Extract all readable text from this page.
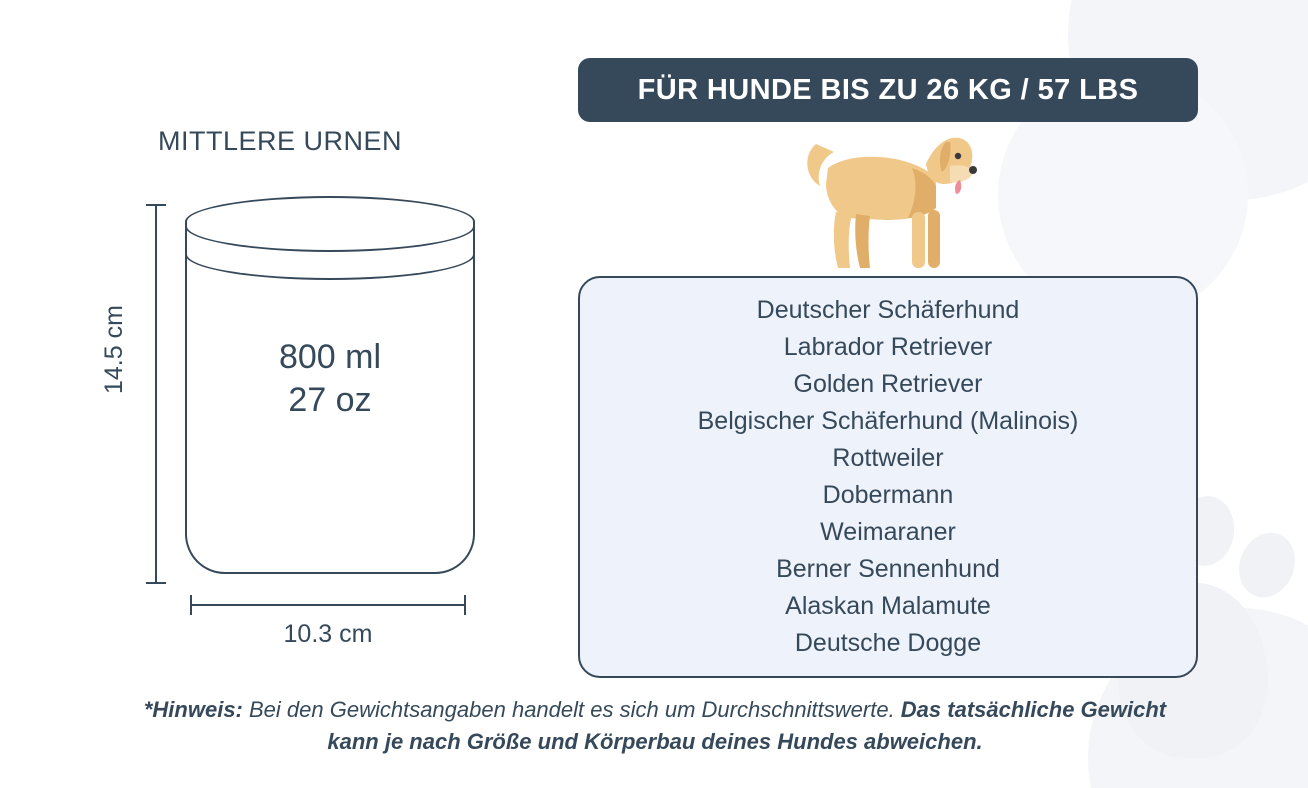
MITTLERE URNEN
14.5 cm	800 ml
27 oz
10.3 cm
FÜR HUNDE BIS ZU 26 KG / 57 LBS
Deutscher Schäferhund
Labrador Retriever
Golden Retriever
Belgischer Schäferhund (Malinois)
Rottweiler
Dobermann
Weimaraner
Berner Sennenhund
Alaskan Malamute
Deutsche Dogge
*Hinweis: Bei den Gewichtsangaben handelt es sich um Durchschnittswerte. Das tatsächliche Gewicht kann je nach Größe und Körperbau deines Hundes abweichen.
